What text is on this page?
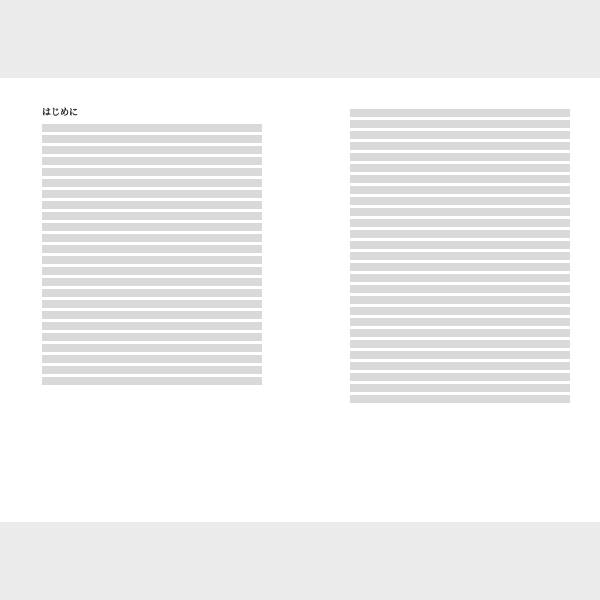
はじめに
